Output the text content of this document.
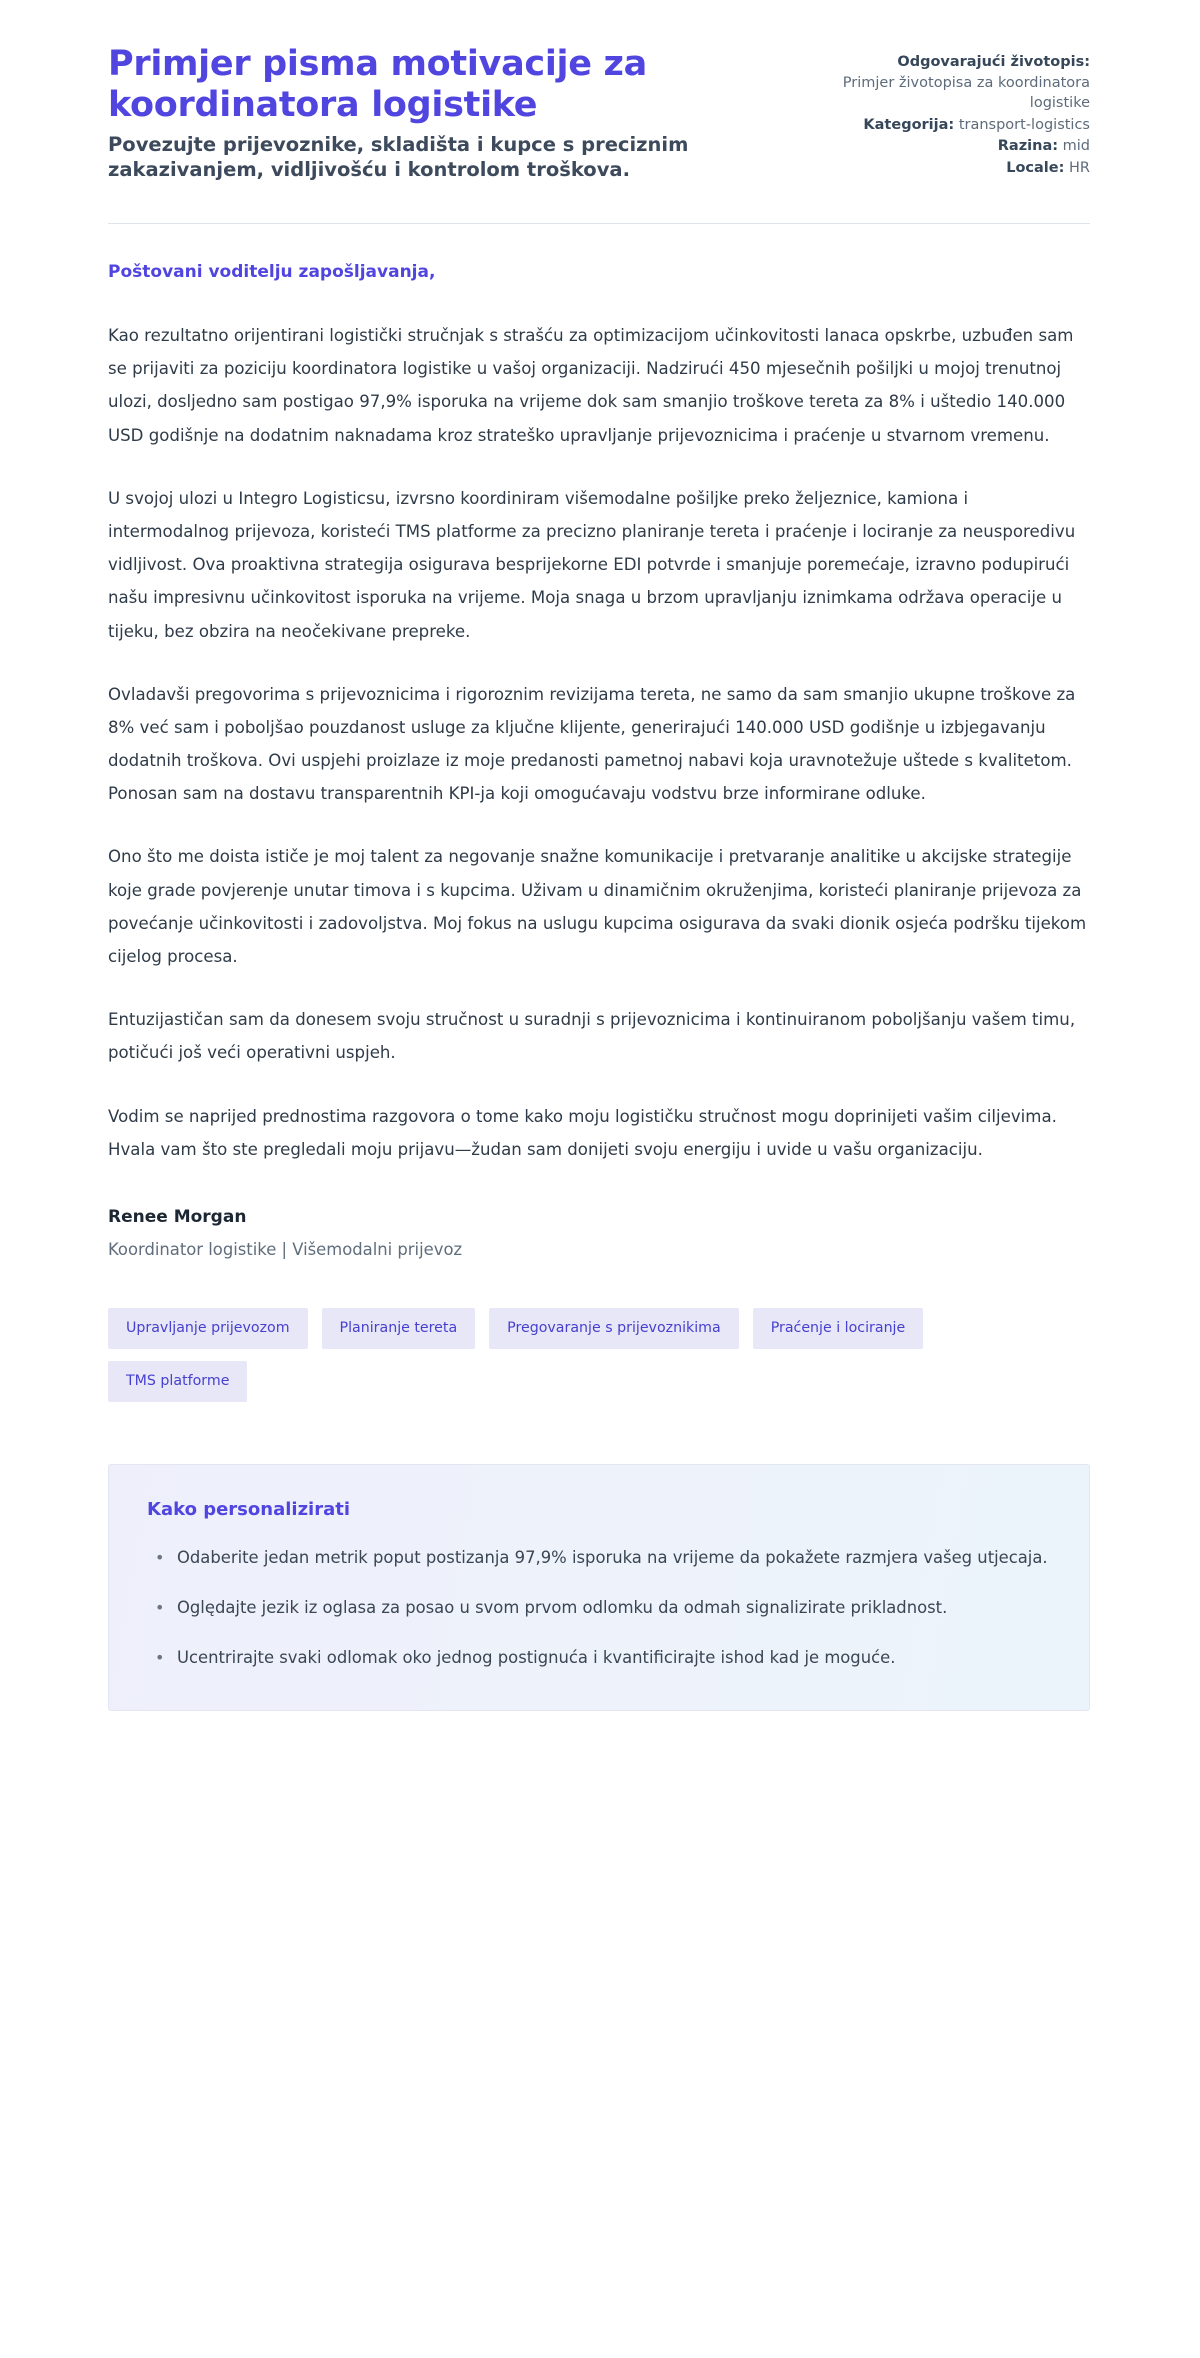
Primjer pisma motivacije za koordinatora logistike

Povezujte prijevoznike, skladišta i kupce s preciznim zakazivanjem, vidljivošću i kontrolom troškova.

Odgovarajući životopis:
Primjer životopisa za koordinatora logistike
Kategorija: transport-logistics
Razina: mid
Locale: HR

Poštovani voditelju zapošljavanja,

Kao rezultatno orijentirani logistički stručnjak s strašću za optimizacijom učinkovitosti lanaca opskrbe, uzbuđen sam se prijaviti za poziciju koordinatora logistike u vašoj organizaciji. Nadzirući 450 mjesečnih pošiljki u mojoj trenutnoj ulozi, dosljedno sam postigao 97,9% isporuka na vrijeme dok sam smanjio troškove tereta za 8% i uštedio 140.000 USD godišnje na dodatnim naknadama kroz strateško upravljanje prijevoznicima i praćenje u stvarnom vremenu.

U svojoj ulozi u Integro Logisticsu, izvrsno koordiniram višemodalne pošiljke preko željeznice, kamiona i intermodalnog prijevoza, koristeći TMS platforme za precizno planiranje tereta i praćenje i lociranje za neusporedivu vidljivost. Ova proaktivna strategija osigurava besprijekorne EDI potvrde i smanjuje poremećaje, izravno podupirući našu impresivnu učinkovitost isporuka na vrijeme. Moja snaga u brzom upravljanju iznimkama održava operacije u tijeku, bez obzira na neočekivane prepreke.

Ovladavši pregovorima s prijevoznicima i rigoroznim revizijama tereta, ne samo da sam smanjio ukupne troškove za 8% već sam i poboljšao pouzdanost usluge za ključne klijente, generirajući 140.000 USD godišnje u izbjegavanju dodatnih troškova. Ovi uspjehi proizlaze iz moje predanosti pametnoj nabavi koja uravnotežuje uštede s kvalitetom. Ponosan sam na dostavu transparentnih KPI-ja koji omogućavaju vodstvu brze informirane odluke.

Ono što me doista ističe je moj talent za negovanje snažne komunikacije i pretvaranje analitike u akcijske strategije koje grade povjerenje unutar timova i s kupcima. Uživam u dinamičnim okruženjima, koristeći planiranje prijevoza za povećanje učinkovitosti i zadovoljstva. Moj fokus na uslugu kupcima osigurava da svaki dionik osjeća podršku tijekom cijelog procesa.

Entuzijastičan sam da donesem svoju stručnost u suradnji s prijevoznicima i kontinuiranom poboljšanju vašem timu, potičući još veći operativni uspjeh.

Vodim se naprijed prednostima razgovora o tome kako moju logističku stručnost mogu doprinijeti vašim ciljevima. Hvala vam što ste pregledali moju prijavu—žudan sam donijeti svoju energiju i uvide u vašu organizaciju.

Renee Morgan

Koordinator logistike | Višemodalni prijevoz

Upravljanje prijevozom	Planiranje tereta	Pregovaranje s prijevoznikima	Praćenje i lociranje
TMS platforme
Kako personalizirati
• Odaberite jedan metrik poput postizanja 97,9% isporuka na vrijeme da pokažete razmjera vašeg utjecaja.
• Oględajte jezik iz oglasa za posao u svom prvom odlomku da odmah signalizirate prikladnost.
• Ucentrirajte svaki odlomak oko jednog postignuća i kvantificirajte ishod kad je moguće.
